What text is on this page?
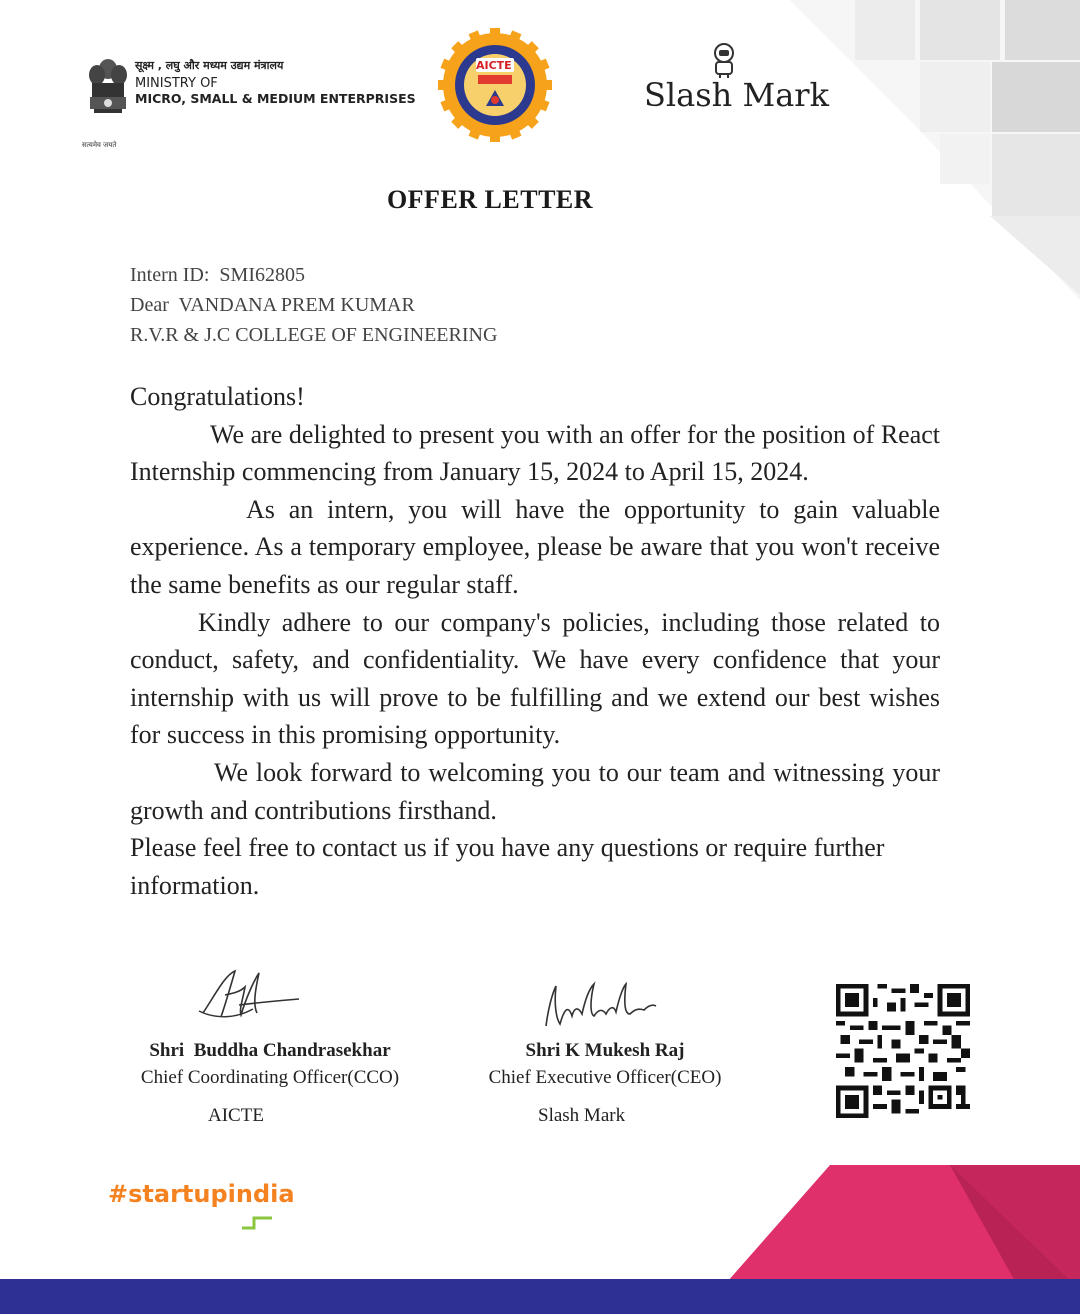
सत्यमेव जयते
सूक्ष्म , लघु और मध्यम उद्यम मंत्रालय
MINISTRY OF
MICRO, SMALL & MEDIUM ENTERPRISES
AICTE
Slash Mark
OFFER LETTER
Intern ID: SMI62805
Dear VANDANA PREM KUMAR
R.V.R & J.C COLLEGE OF ENGINEERING

Congratulations!

We are delighted to present you with an offer for the position of React Internship commencing from January 15, 2024 to April 15, 2024.

As an intern, you will have the opportunity to gain valuable experience. As a temporary employee, please be aware that you won't receive the same benefits as our regular staff.

Kindly adhere to our company's policies, including those related to conduct, safety, and confidentiality. We have every confidence that your internship with us will prove to be fulfilling and we extend our best wishes for success in this promising opportunity.

We look forward to welcoming you to our team and witnessing your growth and contributions firsthand.

Please feel free to contact us if you have any questions or require further information.

Shri  Buddha Chandrasekhar
Chief Coordinating Officer(CCO)
AICTE
Shri K Mukesh Raj
Chief Executive Officer(CEO)
Slash Mark
#startupindia
